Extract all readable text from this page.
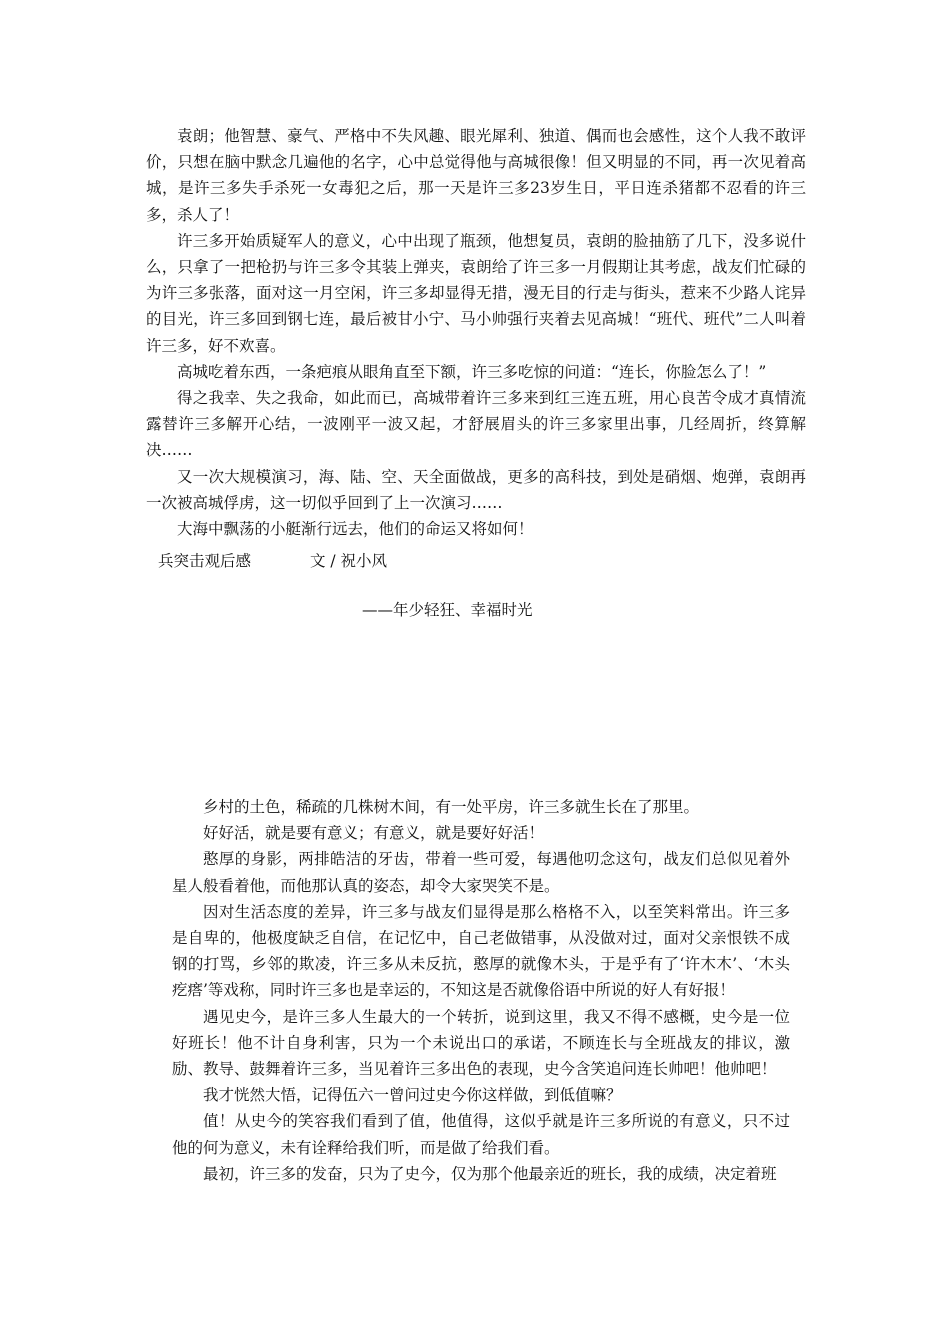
袁朗；他智慧、豪气、严格中不失风趣、眼光犀利、独道、偶而也会感性，这个人我不敢评价，只想在脑中默念几遍他的名字，心中总觉得他与高城很像！但又明显的不同，再一次见着高城，是许三多失手杀死一女毒犯之后，那一天是许三多23岁生日，平日连杀猪都不忍看的许三多，杀人了！

许三多开始质疑军人的意义，心中出现了瓶颈，他想复员，袁朗的脸抽筋了几下，没多说什么，只拿了一把枪扔与许三多令其装上弹夹，袁朗给了许三多一月假期让其考虑，战友们忙碌的为许三多张落，面对这一月空闲，许三多却显得无措，漫无目的行走与街头，惹来不少路人诧异的目光，许三多回到钢七连，最后被甘小宁、马小帅强行夹着去见高城！“班代、班代”二人叫着许三多，好不欢喜。

高城吃着东西，一条疤痕从眼角直至下额，许三多吃惊的问道：“连长，你脸怎么了！”

得之我幸、失之我命，如此而已，高城带着许三多来到红三连五班，用心良苦令成才真情流露替许三多解开心结，一波刚平一波又起，才舒展眉头的许三多家里出事，几经周折，终算解决……

又一次大规模演习，海、陆、空、天全面做战，更多的高科技，到处是硝烟、炮弹，袁朗再一次被高城俘虏，这一切似乎回到了上一次演习……

大海中飘荡的小艇渐行远去，他们的命运又将如何！

兵突击观后感	文 / 祝小风
——年少轻狂、幸福时光

乡村的土色，稀疏的几株树木间，有一处平房，许三多就生长在了那里。

好好活，就是要有意义；有意义，就是要好好活！

憨厚的身影，两排皓洁的牙齿，带着一些可爱，每遇他叨念这句，战友们总似见着外星人般看着他，而他那认真的姿态，却令大家哭笑不是。

因对生活态度的差异，许三多与战友们显得是那么格格不入，以至笑料常出。许三多是自卑的，他极度缺乏自信，在记忆中，自己老做错事，从没做对过，面对父亲恨铁不成钢的打骂，乡邻的欺凌，许三多从未反抗，憨厚的就像木头，于是乎有了‘许木木’、‘木头疙瘩’等戏称，同时许三多也是幸运的，不知这是否就像俗语中所说的好人有好报！

遇见史今，是许三多人生最大的一个转折，说到这里，我又不得不感概，史今是一位好班长！他不计自身利害，只为一个未说出口的承诺，不顾连长与全班战友的排议，激励、教导、鼓舞着许三多，当见着许三多出色的表现，史今含笑追问连长帅吧！他帅吧！

我才恍然大悟，记得伍六一曾问过史今你这样做，到低值嘛？

值！从史今的笑容我们看到了值，他值得，这似乎就是许三多所说的有意义，只不过他的何为意义，未有诠释给我们听，而是做了给我们看。

最初，许三多的发奋，只为了史今，仅为那个他最亲近的班长，我的成绩，决定着班
